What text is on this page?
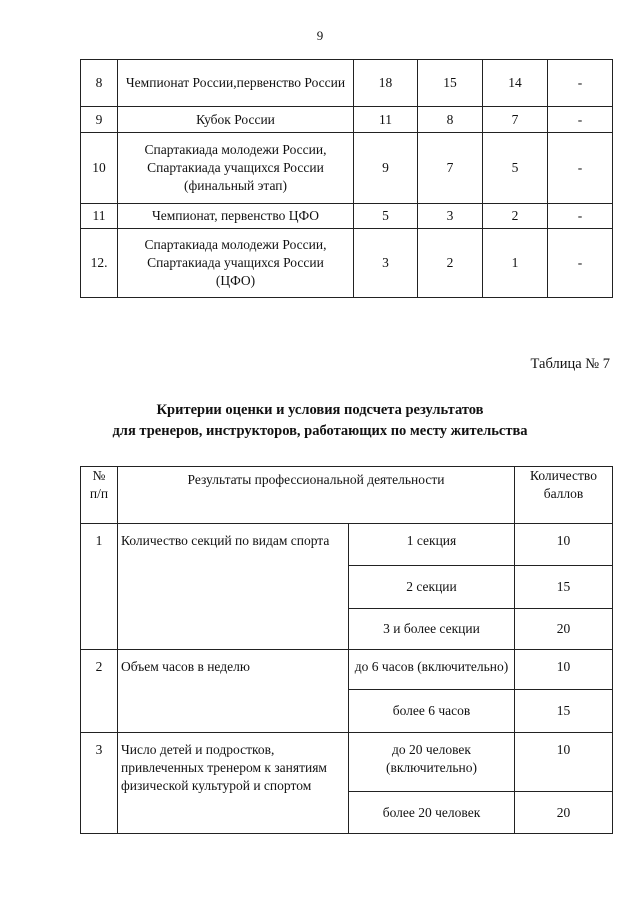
9
8	Чемпионат России,первенство России	18	15	14	-
9	Кубок России	11	8	7	-
10	Спартакиада молодежи России, Спартакиада учащихся России (финальный этап)	9	7	5	-
11	Чемпионат, первенство ЦФО	5	3	2	-
12.	Спартакиада молодежи России, Спартакиада учащихся России (ЦФО)	3	2	1	-
Таблица № 7
Критерии оценки и условия подсчета результатов
для тренеров, инструкторов, работающих по месту жительства
№ п/п	Результаты профессиональной деятельности		Количество баллов
1	Количество секций по видам спорта	1 секция	10
		2 секции	15
		3 и более секции	20
2	Объем часов в неделю	до 6 часов (включительно)	10
		более 6 часов	15
3	Число детей и подростков, привлеченных тренером к занятиям физической культурой и спортом	до 20 человек (включительно)	10
		более 20 человек	20
